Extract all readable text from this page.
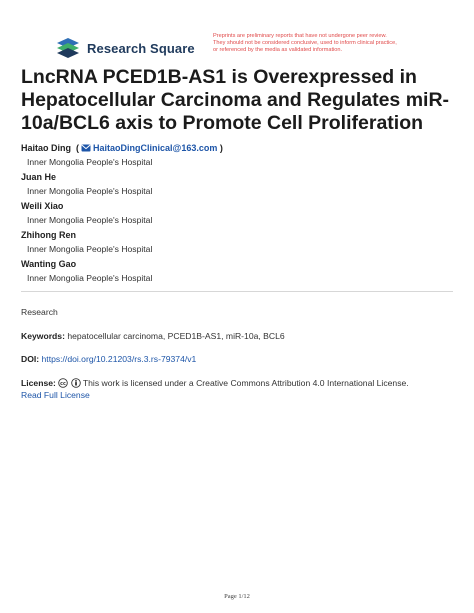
Research Square
Preprints are preliminary reports that have not undergone peer review.
They should not be considered conclusive, used to inform clinical practice,
or referenced by the media as validated information.
LncRNA PCED1B-AS1 is Overexpressed in Hepatocellular Carcinoma and Regulates miR-10a/BCL6 axis to Promote Cell Proliferation
Haitao Ding  ( HaitaoDingClinical@163.com )
Inner Mongolia People's Hospital
Juan He
Inner Mongolia People's Hospital
Weili Xiao
Inner Mongolia People's Hospital
Zhihong Ren
Inner Mongolia People's Hospital
Wanting Gao
Inner Mongolia People's Hospital
Research
Keywords: hepatocellular carcinoma, PCED1B-AS1, miR-10a, BCL6
DOI: https://doi.org/10.21203/rs.3.rs-79374/v1
License: cc This work is licensed under a Creative Commons Attribution 4.0 International License.
Read Full License
Page 1/12
